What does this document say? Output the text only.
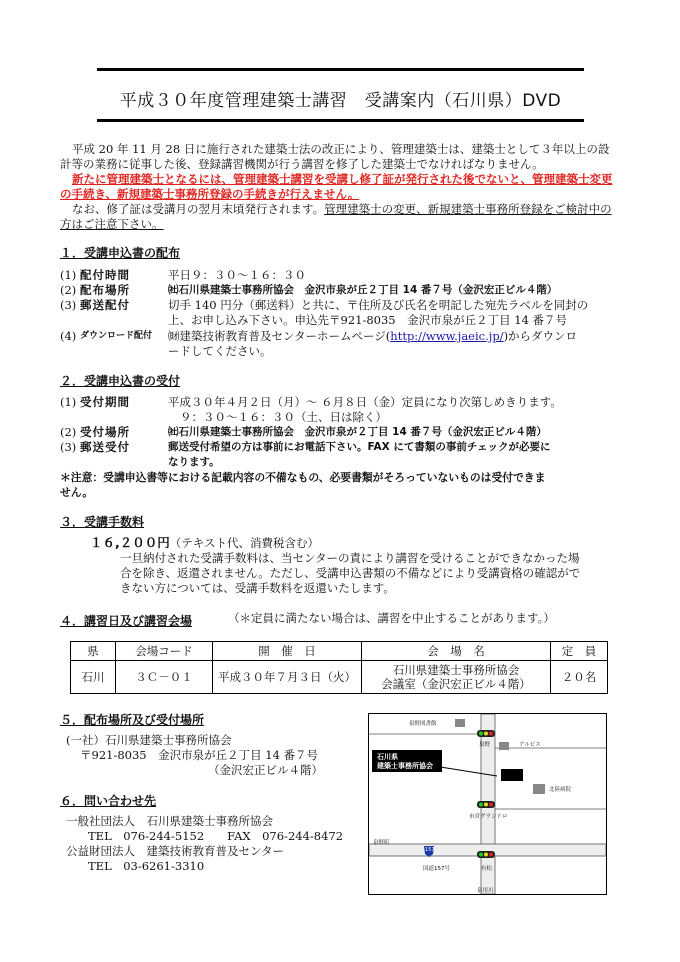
平成３０年度管理建築士講習　受講案内（石川県）DVD
平成 20 年 11 月 28 日に施行された建築士法の改正により、管理建築士は、建築士として３年以上の設計等の業務に従事した後、登録講習機関が行う講習を修了した建築士でなければなりません。
新たに管理建築士となるには、管理建築士講習を受講し修了証が発行された後でないと、管理建築士変更の手続き、新規建築士事務所登録の手続きが行えません。
なお、修了証は受講月の翌月末頃発行されます。管理建築士の変更、新規建築士事務所登録をご検討中の方はご注意下さい。
１．受講申込書の配布
(1) 配付時間	平日９：３０～１６：３０
(2) 配布場所	㈳石川県建築士事務所協会　金沢市泉が丘２丁目 14 番７号（金沢宏正ビル４階）
(3) 郵送配付	切手 140 円分（郵送料）と共に、〒住所及び氏名を明記した宛先ラベルを同封の
上、お申し込み下さい。申込先〒921-8035　金沢市泉が丘２丁目 14 番７号
(4) ダウンロード配付 ㈶建築技術教育普及センターホームページ(http://www.jaeic.jp/)からダウンロ
ードしてください。
２．受講申込書の受付
(1) 受付期間	平成３０年４月２日（月）～ ６月８日（金）定員になり次第しめきります。
９：３０～１６：３０（土、日は除く）
(2) 受付場所	㈳石川県建築士事務所協会　金沢市泉が２丁目 14 番７号（金沢宏正ビル４階）
(3) 郵送受付	郵送受付希望の方は事前にお電話下さい。FAX にて書類の事前チェックが必要に
なります。
＊注意：受講申込書等における記載内容の不備なもの、必要書類がそろっていないものは受付できま
せん。
３．受講手数料
１６,２００円（テキスト代、消費税含む）
一旦納付された受講手数料は、当センターの責により講習を受けることができなかった場
合を除き、返還されません。ただし、受講申込書類の不備などにより受講資格の確認がで
きない方については、受講手数料を返還いたします。
４．講習日及び講習会場	（＊定員に満たない場合は、講習を中止することがあります。）
県	会場コード	開　催　日	会　場　名	定　員
石川	３Ｃ－０１	平成３０年７月３日（火）	石川県建築士事務所協会
会議室（金沢宏正ビル４階）	２０名
５．配布場所及び受付場所
(一社）石川県建築士事務所協会
〒921-8035　金沢市泉が丘２丁目 14 番７号
（金沢宏正ビル４階）
６．問い合わせ先
一般社団法人　石川県建築士事務所協会
TEL　076-244-5152　　FAX　076-244-8472
公益財団法人　建築技術教育普及センター
TEL　03-6261-3310
泉野図書館
泉野	アルビス
石川県
建築士事務所協会
北陸病院
市営グランドロ
泉野町
157
国道157号	有松
泉用川
